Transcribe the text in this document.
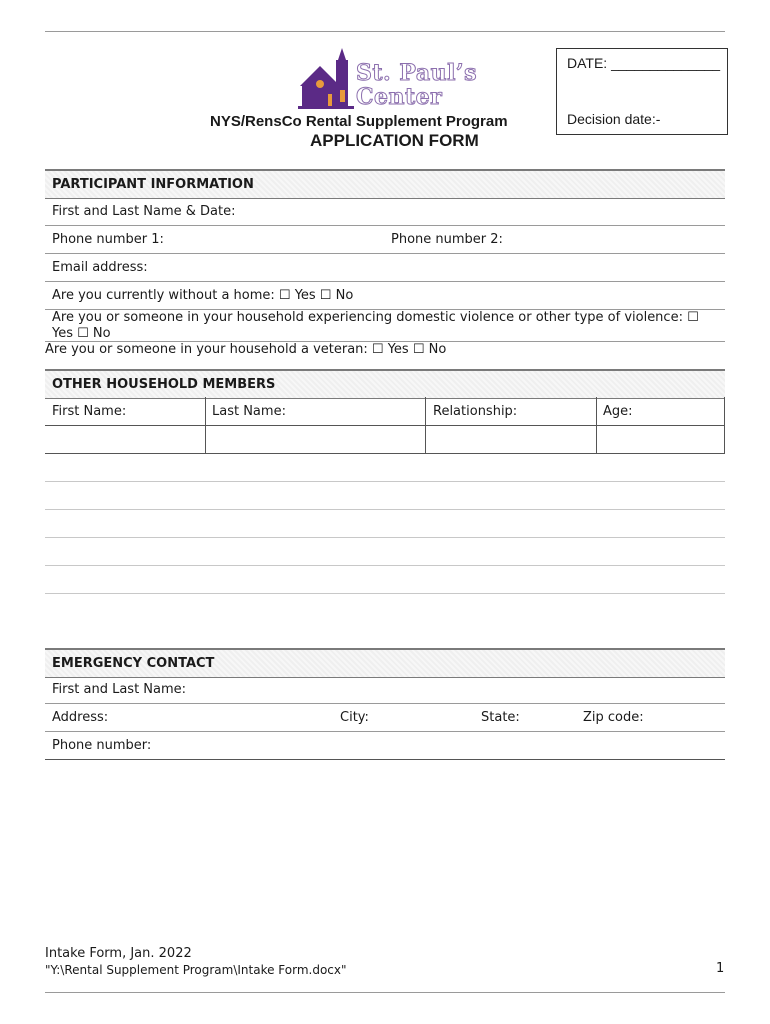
St. Paul’s
Center
NYS/RensCo Rental Supplement Program
APPLICATION FORM
DATE: ______________
Decision date:-
PARTICIPANT INFORMATION
First and Last Name & Date:
Phone number 1:	Phone number 2:
Email address:
Are you currently without a home: ☐ Yes ☐ No
Are you or someone in your household experiencing domestic violence or other type of violence: ☐
Yes ☐ No
Are you or someone in your household a veteran: ☐ Yes ☐ No
OTHER HOUSEHOLD MEMBERS
First Name:	Last Name:	Relationship:	Age:
EMERGENCY CONTACT
First and Last Name:
Address:	City:	State:	Zip code:
Phone number:
Intake Form, Jan. 2022
"Y:\Rental Supplement Program\Intake Form.docx"	1
